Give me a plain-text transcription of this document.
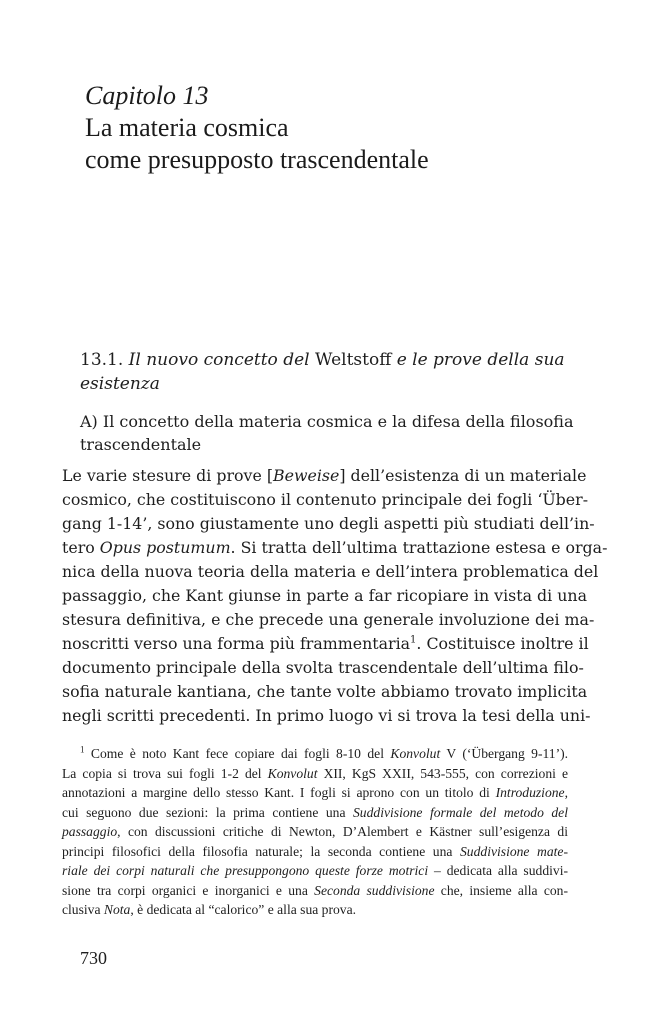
Capitolo 13
La materia cosmica
come presupposto trascendentale
13.1. Il nuovo concetto del Weltstoff e le prove della sua
esistenza
A) Il concetto della materia cosmica e la difesa della filosofia
trascendentale
Le varie stesure di prove [Beweise] dell’esistenza di un materiale
cosmico, che costituiscono il contenuto principale dei fogli ‘Über-
gang 1-14’, sono giustamente uno degli aspetti più studiati dell’in-
tero Opus postumum. Si tratta dell’ultima trattazione estesa e orga-
nica della nuova teoria della materia e dell’intera problematica del
passaggio, che Kant giunse in parte a far ricopiare in vista di una
stesura definitiva, e che precede una generale involuzione dei ma-
noscritti verso una forma più frammentaria$^1$. Costituisce inoltre il
documento principale della svolta trascendentale dell’ultima filo-
sofia naturale kantiana, che tante volte abbiamo trovato implicita
negli scritti precedenti. In primo luogo vi si trova la tesi della uni-
$^1$ Come è noto Kant fece copiare dai fogli 8-10 del Konvolut V (‘Übergang 9-11’).
La copia si trova sui fogli 1-2 del Konvolut XII, KgS XXII, 543-555, con correzioni e
annotazioni a margine dello stesso Kant. I fogli si aprono con un titolo di Introduzione,
cui seguono due sezioni: la prima contiene una Suddivisione formale del metodo del
passaggio, con discussioni critiche di Newton, D’Alembert e Kästner sull’esigenza di
principi filosofici della filosofia naturale; la seconda contiene una Suddivisione mate-
riale dei corpi naturali che presuppongono queste forze motrici – dedicata alla suddivi-
sione tra corpi organici e inorganici e una Seconda suddivisione che, insieme alla con-
clusiva Nota, è dedicata al “calorico” e alla sua prova.
730
